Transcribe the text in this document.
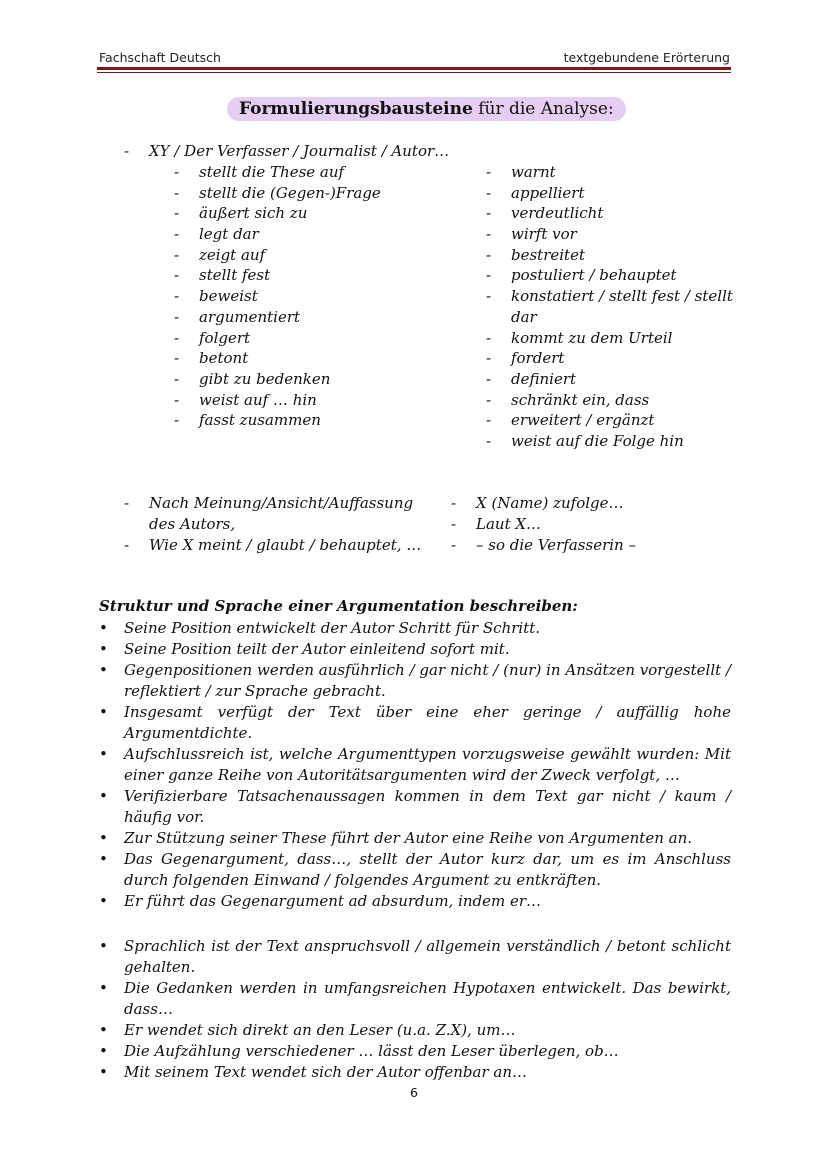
Fachschaft Deutsch	textgebundene Erörterung
Formulierungsbausteine für die Analyse:
- XY / Der Verfasser / Journalist / Autor…
- stellt die These auf
- stellt die (Gegen-)Frage
- äußert sich zu
- legt dar
- zeigt auf
- stellt fest
- beweist
- argumentiert
- folgert
- betont
- gibt zu bedenken
- weist auf … hin
- fasst zusammen
- warnt
- appelliert
- verdeutlicht
- wirft vor
- bestreitet
- postuliert / behauptet
- konstatiert / stellt fest / stellt
dar
- kommt zu dem Urteil
- fordert
- definiert
- schränkt ein, dass
- erweitert / ergänzt
- weist auf die Folge hin
- Nach Meinung/Ansicht/Auffassung
des Autors,
- Wie X meint / glaubt / behauptet, …
- X (Name) zufolge…
- Laut X…
- – so die Verfasserin –
Struktur und Sprache einer Argumentation beschreiben:
• Seine Position entwickelt der Autor Schritt für Schritt.
• Seine Position teilt der Autor einleitend sofort mit.
• Gegenpositionen werden ausführlich / gar nicht / (nur) in Ansätzen vorgestellt / reflektiert / zur Sprache gebracht.
• Insgesamt verfügt der Text über eine eher geringe / auffällig hohe Argumentdichte.
• Aufschlussreich ist, welche Argumenttypen vorzugsweise gewählt wurden: Mit einer ganze Reihe von Autoritätsargumenten wird der Zweck verfolgt, …
• Verifizierbare Tatsachenaussagen kommen in dem Text gar nicht / kaum / häufig vor.
• Zur Stützung seiner These führt der Autor eine Reihe von Argumenten an.
• Das Gegenargument, dass…, stellt der Autor kurz dar, um es im Anschluss durch folgenden Einwand / folgendes Argument zu entkräften.
• Er führt das Gegenargument ad absurdum, indem er…
• Sprachlich ist der Text anspruchsvoll / allgemein verständlich / betont schlicht gehalten.
• Die Gedanken werden in umfangsreichen Hypotaxen entwickelt. Das bewirkt, dass…
• Er wendet sich direkt an den Leser (u.a. Z.X), um…
• Die Aufzählung verschiedener … lässt den Leser überlegen, ob…
• Mit seinem Text wendet sich der Autor offenbar an…
6
